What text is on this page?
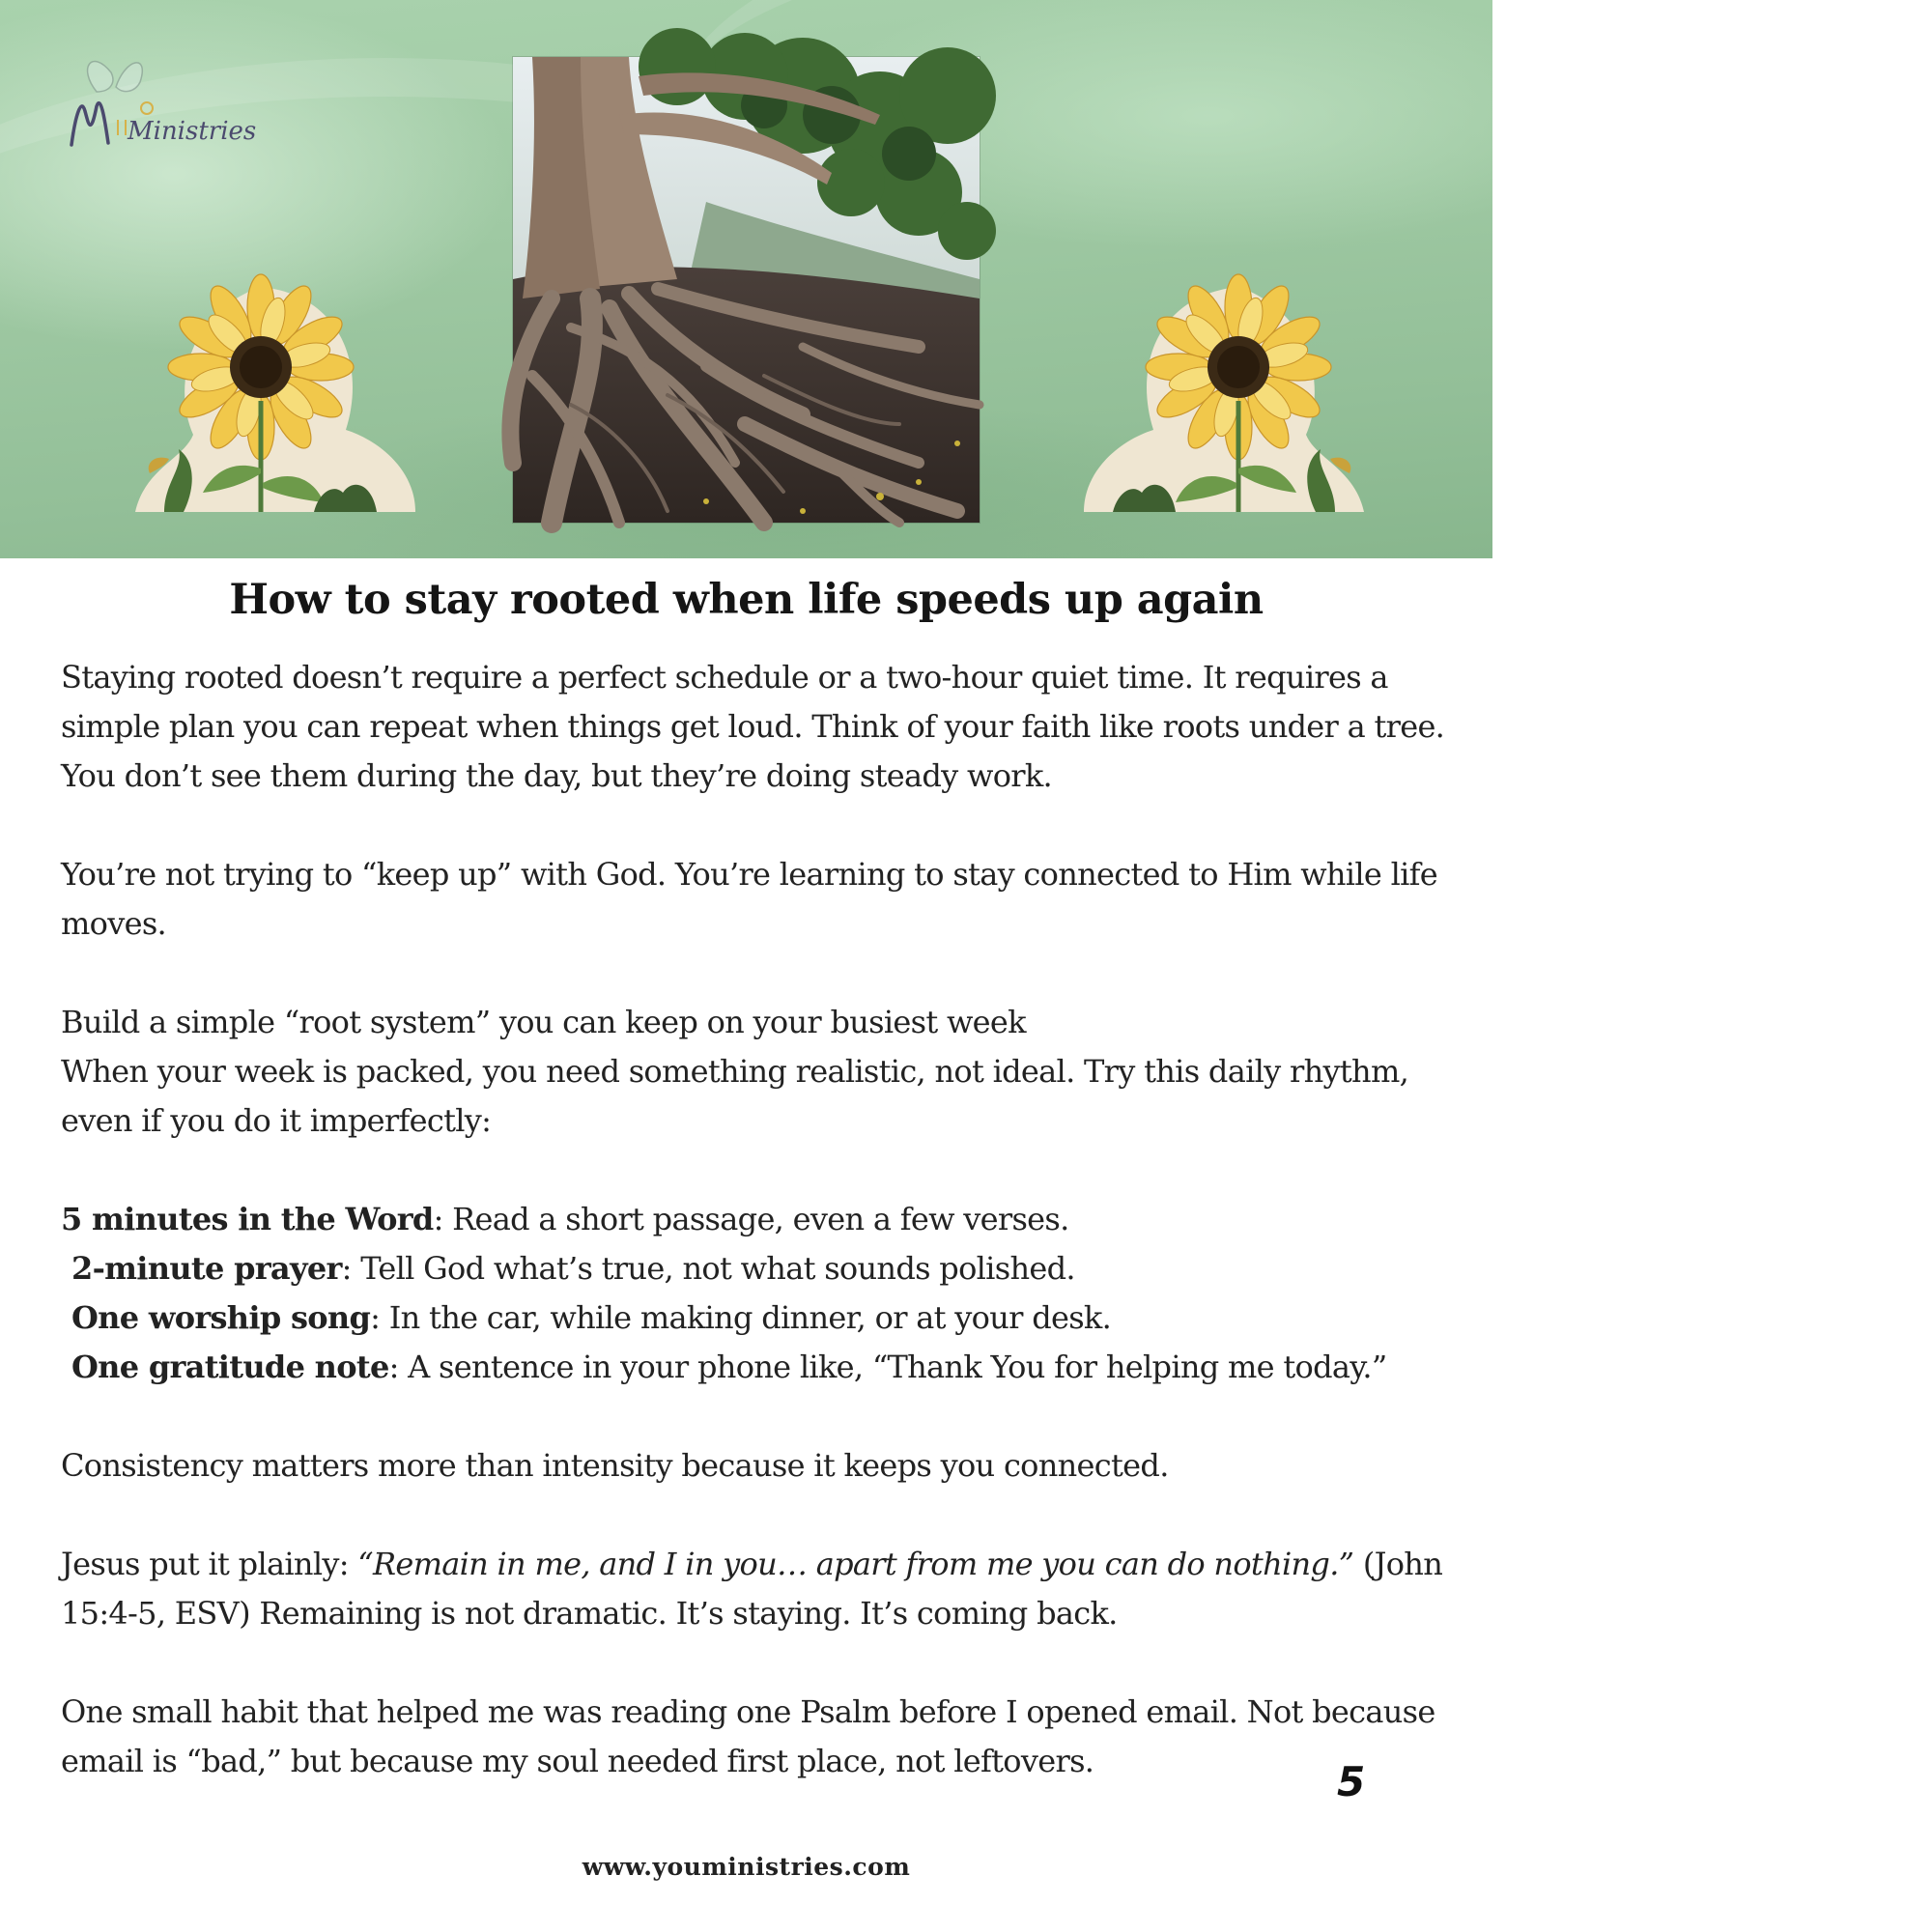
Ministries
How to stay rooted when life speeds up again

Staying rooted doesn’t require a perfect schedule or a two-hour quiet time. It requires a simple plan you can repeat when things get loud. Think of your faith like roots under a tree. You don’t see them during the day, but they’re doing steady work.

You’re not trying to “keep up” with God. You’re learning to stay connected to Him while life moves.

Build a simple “root system” you can keep on your busiest week

When your week is packed, you need something realistic, not ideal. Try this daily rhythm, even if you do it imperfectly:

5 minutes in the Word: Read a short passage, even a few verses.
2-minute prayer: Tell God what’s true, not what sounds polished.
One worship song: In the car, while making dinner, or at your desk.
One gratitude note: A sentence in your phone like, “Thank You for helping me today.”

Consistency matters more than intensity because it keeps you connected.

Jesus put it plainly: “Remain in me, and I in you… apart from me you can do nothing.” (John 15:4-5, ESV) Remaining is not dramatic. It’s staying. It’s coming back.

One small habit that helped me was reading one Psalm before I opened email. Not because email is “bad,” but because my soul needed first place, not leftovers.	5
www.youministries.com
